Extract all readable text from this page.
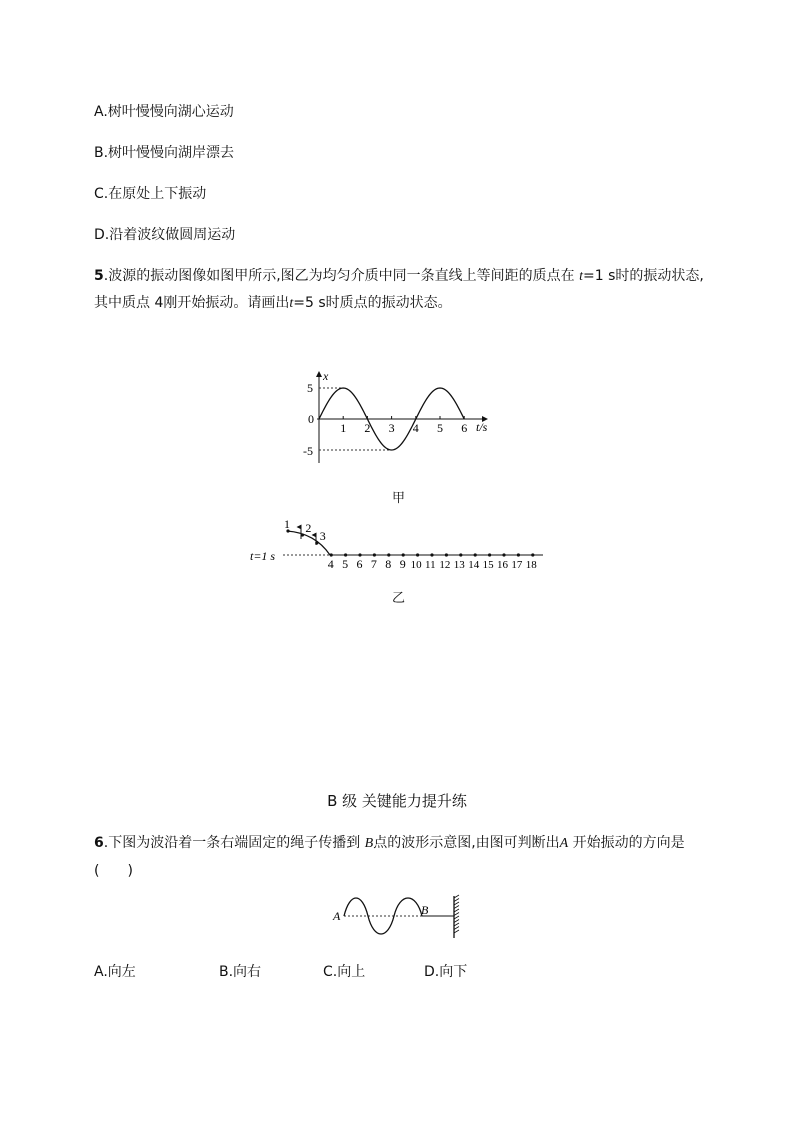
A.树叶慢慢向湖心运动
B.树叶慢慢向湖岸漂去
C.在原处上下振动
D.沿着波纹做圆周运动
5.波源的振动图像如图甲所示,图乙为均匀介质中同一条直线上等间距的质点在 t=1 s时的振动状态,
其中质点 4刚开始振动。请画出t=5 s时质点的振动状态。
x
t/s
5
0
-5
1 2 3 4 5 6
甲
t=1 s
1 2
3
4 5 6 7 8 9 10 11 12 13 14 15 16 17 18
乙
B 级 关键能力提升练
6.下图为波沿着一条右端固定的绳子传播到 B点的波形示意图,由图可判断出A 开始振动的方向是
(　　)
A	B
A.向左	B.向右	C.向上	D.向下
